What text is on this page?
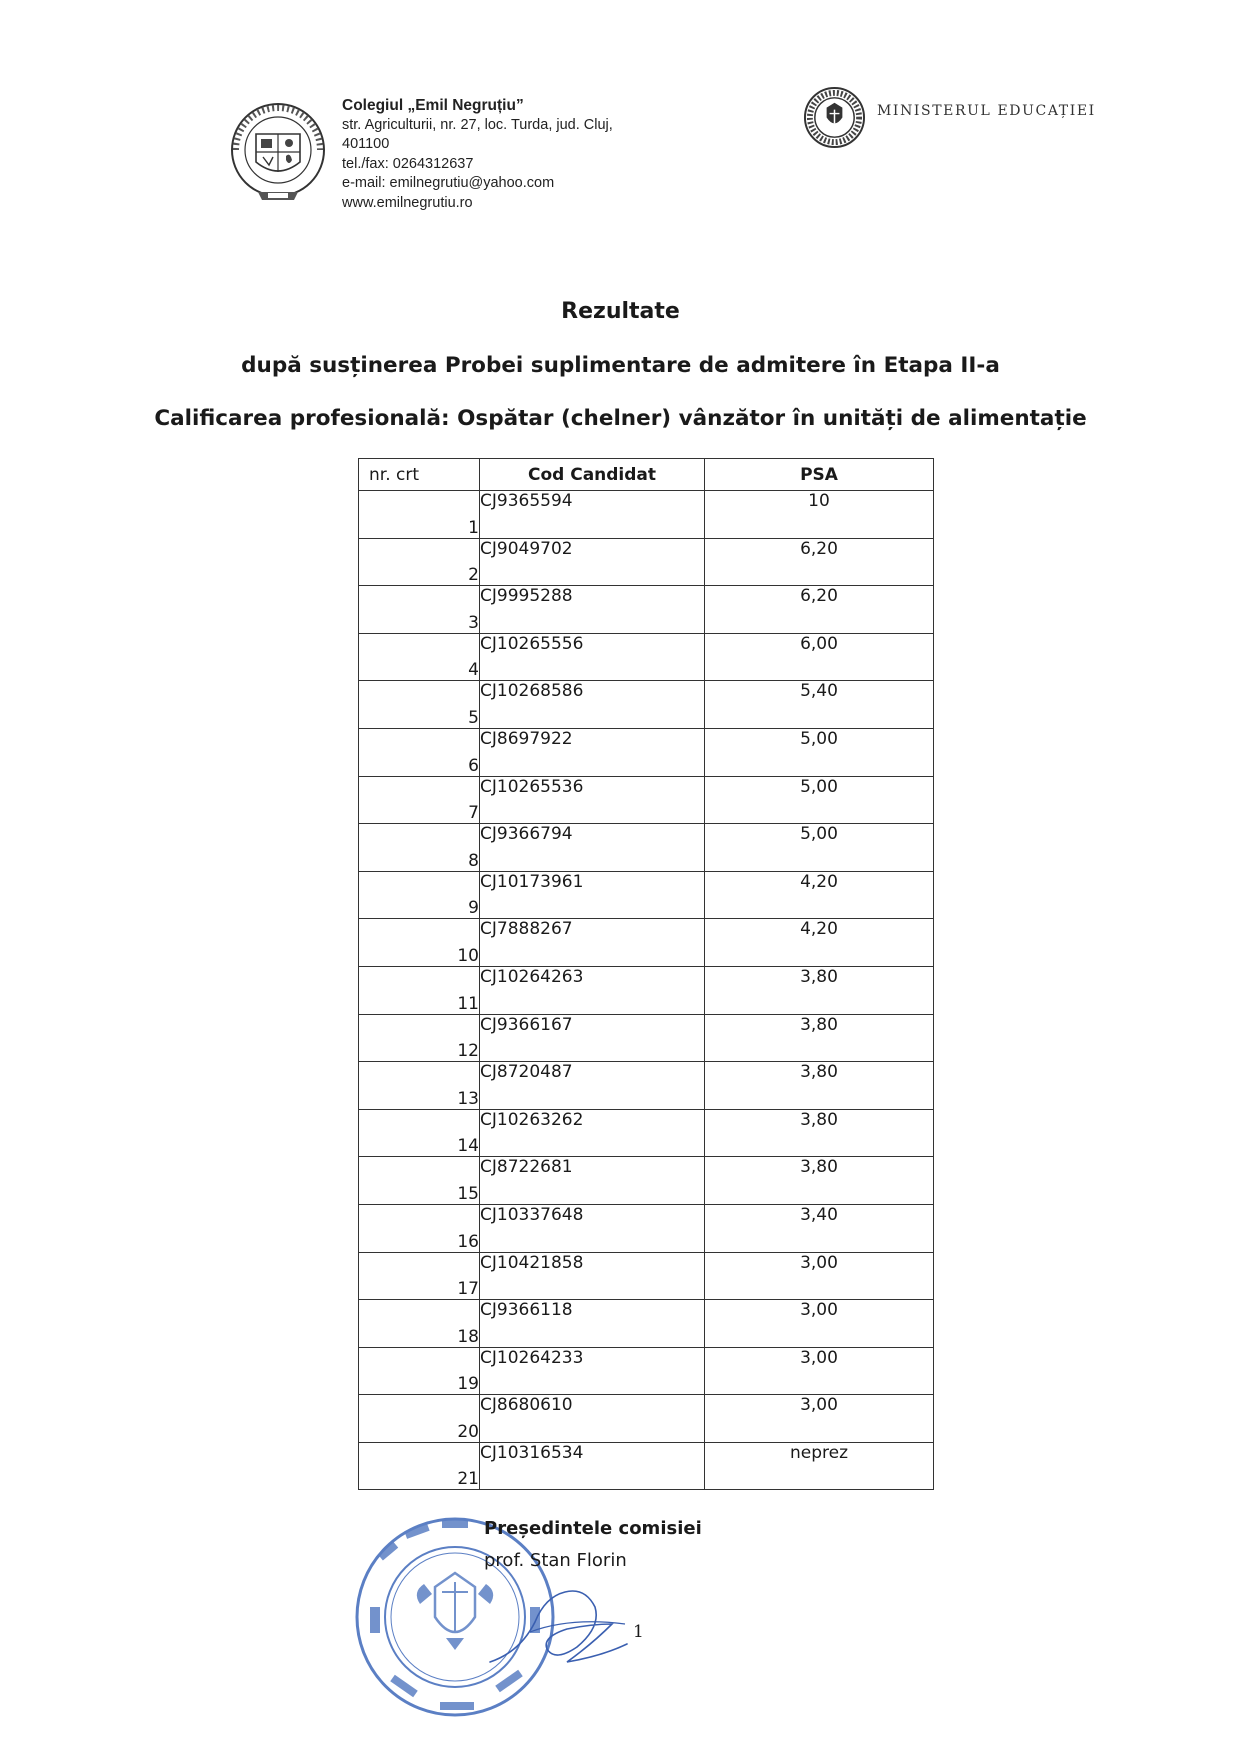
Colegiul „Emil Negruțiu”
str. Agriculturii, nr. 27, loc. Turda, jud. Cluj,
401100
tel./fax: 0264312637
e-mail: emilnegrutiu@yahoo.com
www.emilnegrutiu.ro
MINISTERUL EDUCAȚIEI
Rezultate
după susținerea Probei suplimentare de admitere în Etapa II-a
Calificarea profesională: Ospătar (chelner) vânzător în unități de alimentație
nr. crt	Cod Candidat	PSA
1	CJ9365594	10
2	CJ9049702	6,20
3	CJ9995288	6,20
4	CJ10265556	6,00
5	CJ10268586	5,40
6	CJ8697922	5,00
7	CJ10265536	5,00
8	CJ9366794	5,00
9	CJ10173961	4,20
10	CJ7888267	4,20
11	CJ10264263	3,80
12	CJ9366167	3,80
13	CJ8720487	3,80
14	CJ10263262	3,80
15	CJ8722681	3,80
16	CJ10337648	3,40
17	CJ10421858	3,00
18	CJ9366118	3,00
19	CJ10264233	3,00
20	CJ8680610	3,00
21	CJ10316534	neprez
Președintele comisiei
prof. Stan Florin
1
